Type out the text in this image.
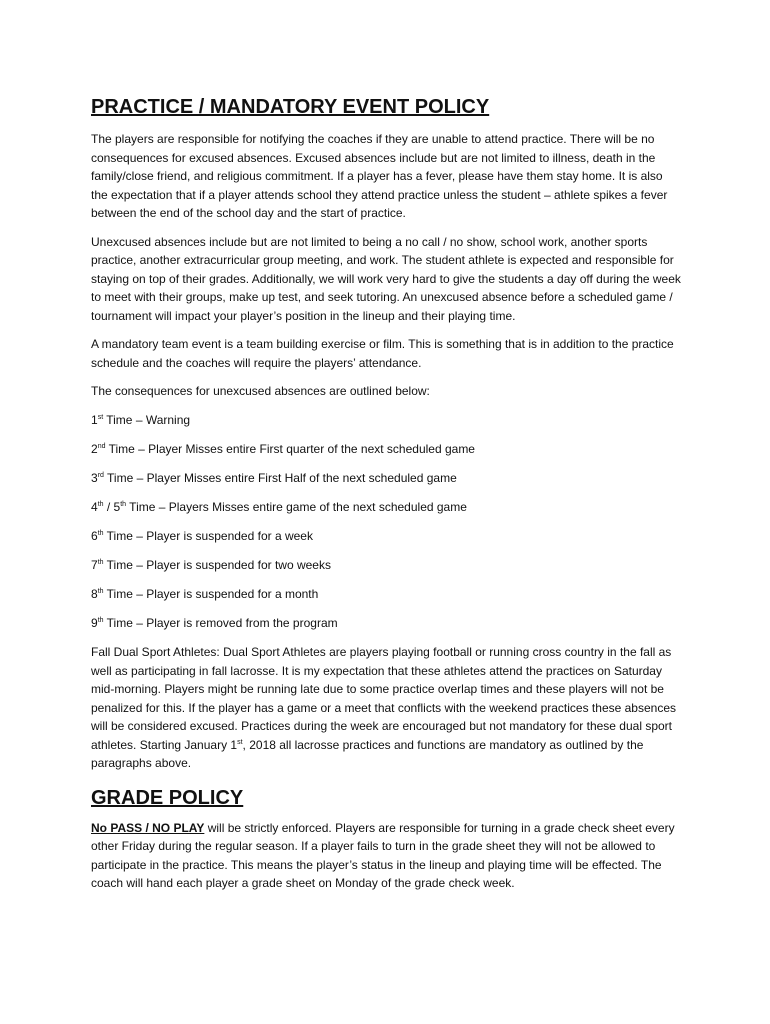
PRACTICE / MANDATORY EVENT POLICY

The players are responsible for notifying the coaches if they are unable to attend practice. There will be no consequences for excused absences. Excused absences include but are not limited to illness, death in the family/close friend, and religious commitment. If a player has a fever, please have them stay home. It is also the expectation that if a player attends school they attend practice unless the student – athlete spikes a fever between the end of the school day and the start of practice.

Unexcused absences include but are not limited to being a no call / no show, school work, another sports practice, another extracurricular group meeting, and work. The student athlete is expected and responsible for staying on top of their grades. Additionally, we will work very hard to give the students a day off during the week to meet with their groups, make up test, and seek tutoring. An unexcused absence before a scheduled game / tournament will impact your player’s position in the lineup and their playing time.

A mandatory team event is a team building exercise or film. This is something that is in addition to the practice schedule and the coaches will require the players’ attendance.

The consequences for unexcused absences are outlined below:

1st Time – Warning

2nd Time – Player Misses entire First quarter of the next scheduled game

3rd Time – Player Misses entire First Half of the next scheduled game

4th / 5th Time – Players Misses entire game of the next scheduled game

6th Time – Player is suspended for a week

7th Time – Player is suspended for two weeks

8th Time – Player is suspended for a month

9th Time – Player is removed from the program

Fall Dual Sport Athletes: Dual Sport Athletes are players playing football or running cross country in the fall as well as participating in fall lacrosse. It is my expectation that these athletes attend the practices on Saturday mid-morning. Players might be running late due to some practice overlap times and these players will not be penalized for this. If the player has a game or a meet that conflicts with the weekend practices these absences will be considered excused. Practices during the week are encouraged but not mandatory for these dual sport athletes. Starting January 1st, 2018 all lacrosse practices and functions are mandatory as outlined by the paragraphs above.

GRADE POLICY

No PASS / NO PLAY will be strictly enforced. Players are responsible for turning in a grade check sheet every other Friday during the regular season. If a player fails to turn in the grade sheet they will not be allowed to participate in the practice. This means the player’s status in the lineup and playing time will be effected. The coach will hand each player a grade sheet on Monday of the grade check week.
